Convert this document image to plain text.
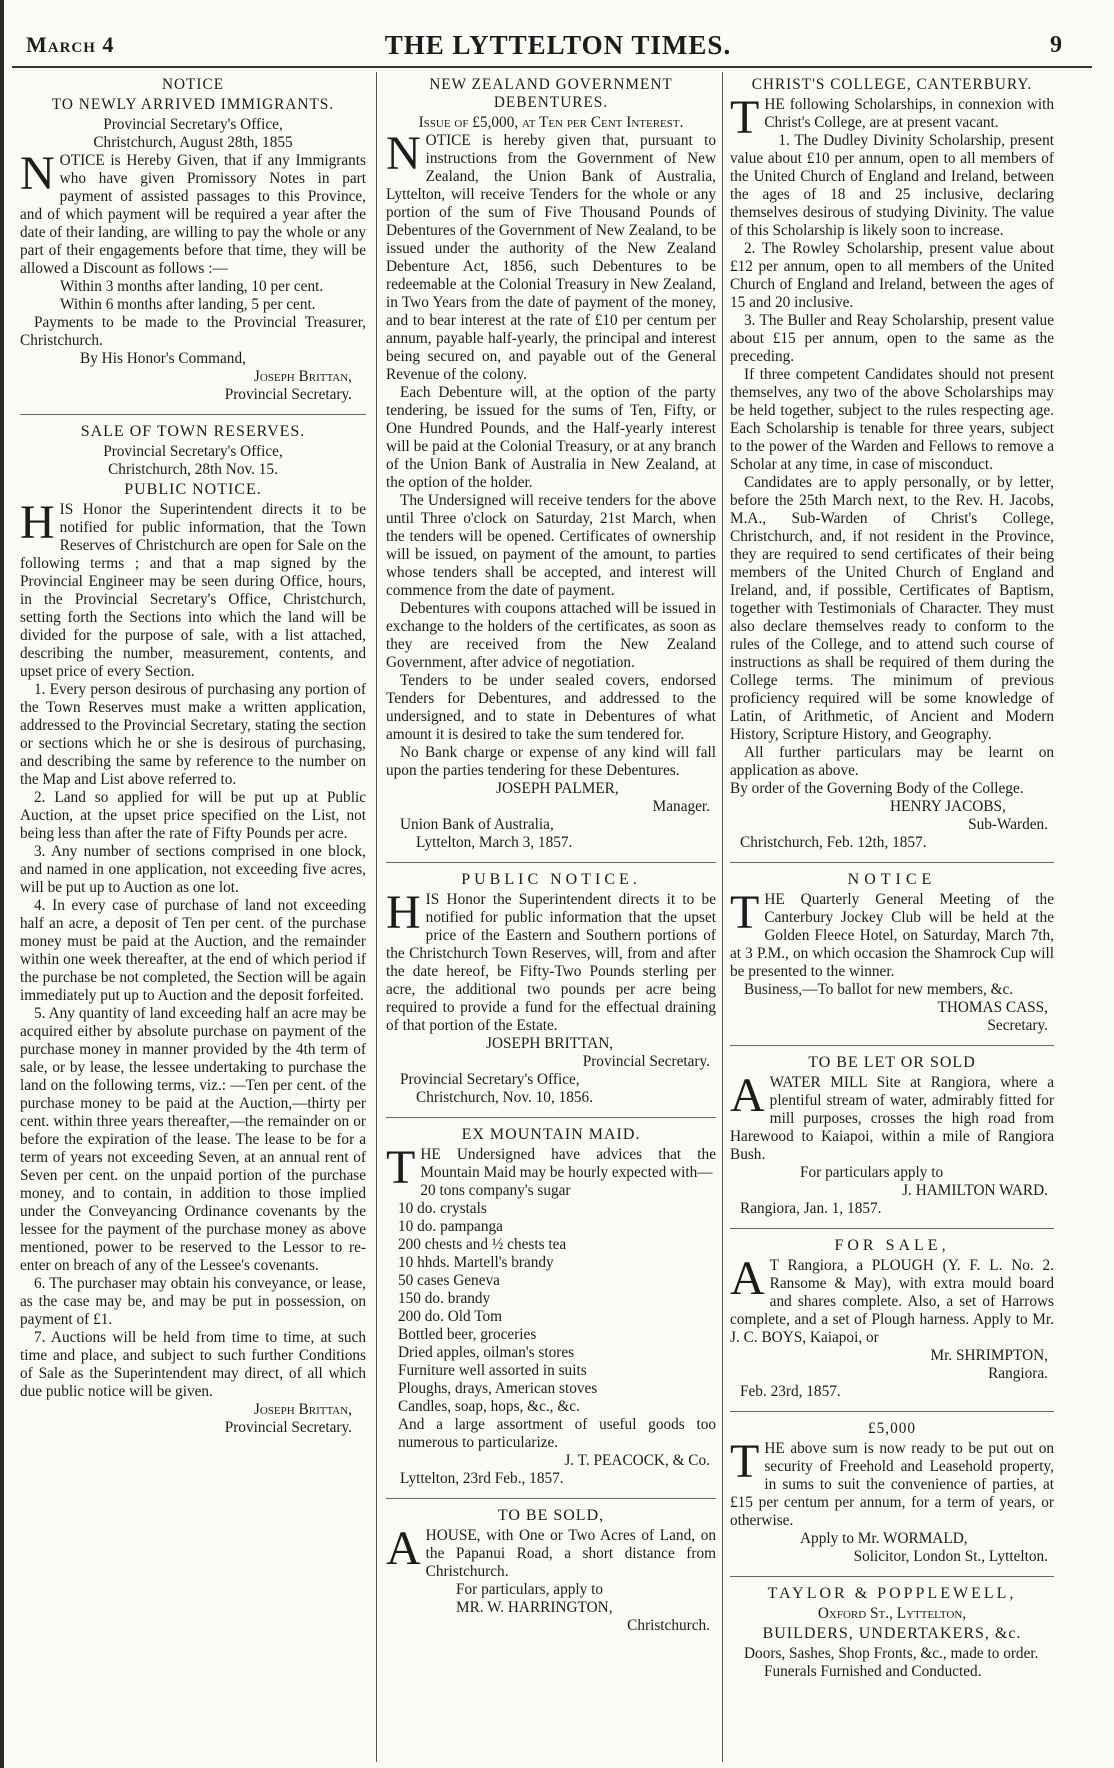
March 4	THE LYTTELTON TIMES.	9
NOTICE
TO NEWLY ARRIVED IMMIGRANTS.
Provincial Secretary's Office,
Christchurch, August 28th, 1855

NOTICE is Hereby Given, that if any Immigrants who have given Promissory Notes in part payment of assisted passages to this Province, and of which payment will be required a year after the date of their landing, are willing to pay the whole or any part of their engagements before that time, they will be allowed a Discount as follows :—

Within 3 months after landing, 10 per cent.
Within 6 months after landing, 5 per cent.

Payments to be made to the Provincial Treasurer, Christchurch.

By His Honor's Command,
Joseph Brittan,
Provincial Secretary.
SALE OF TOWN RESERVES.
Provincial Secretary's Office,
Christchurch, 28th Nov. 15.
PUBLIC NOTICE.

HIS Honor the Superintendent directs it to be notified for public information, that the Town Reserves of Christchurch are open for Sale on the following terms ; and that a map signed by the Provincial Engineer may be seen during Office, hours, in the Provincial Secretary's Office, Christchurch, setting forth the Sections into which the land will be divided for the purpose of sale, with a list attached, describing the number, measurement, contents, and upset price of every Section.

1. Every person desirous of purchasing any portion of the Town Reserves must make a written application, addressed to the Provincial Secretary, stating the section or sections which he or she is desirous of purchasing, and describing the same by reference to the number on the Map and List above referred to.

2. Land so applied for will be put up at Public Auction, at the upset price specified on the List, not being less than after the rate of Fifty Pounds per acre.

3. Any number of sections comprised in one block, and named in one application, not exceeding five acres, will be put up to Auction as one lot.

4. In every case of purchase of land not exceeding half an acre, a deposit of Ten per cent. of the purchase money must be paid at the Auction, and the remainder within one week thereafter, at the end of which period if the purchase be not completed, the Section will be again immediately put up to Auction and the deposit forfeited.

5. Any quantity of land exceeding half an acre may be acquired either by absolute purchase on payment of the purchase money in manner provided by the 4th term of sale, or by lease, the lessee undertaking to purchase the land on the following terms, viz.: —Ten per cent. of the purchase money to be paid at the Auction,—thirty per cent. within three years thereafter,—the remainder on or before the expiration of the lease. The lease to be for a term of years not exceeding Seven, at an annual rent of Seven per cent. on the unpaid portion of the purchase money, and to contain, in addition to those implied under the Conveyancing Ordinance covenants by the lessee for the payment of the purchase money as above mentioned, power to be reserved to the Lessor to re-enter on breach of any of the Lessee's covenants.

6. The purchaser may obtain his conveyance, or lease, as the case may be, and may be put in possession, on payment of £1.

7. Auctions will be held from time to time, at such time and place, and subject to such further Conditions of Sale as the Superintendent may direct, of all which due public notice will be given.

Joseph Brittan,
Provincial Secretary.
NEW ZEALAND GOVERNMENT DEBENTURES.
Issue of £5,000, at Ten per Cent Interest.

NOTICE is hereby given that, pursuant to instructions from the Government of New Zealand, the Union Bank of Australia, Lyttelton, will receive Tenders for the whole or any portion of the sum of Five Thousand Pounds of Debentures of the Government of New Zealand, to be issued under the authority of the New Zealand Debenture Act, 1856, such Debentures to be redeemable at the Colonial Treasury in New Zealand, in Two Years from the date of payment of the money, and to bear interest at the rate of £10 per centum per annum, payable half-yearly, the principal and interest being secured on, and payable out of the General Revenue of the colony.

Each Debenture will, at the option of the party tendering, be issued for the sums of Ten, Fifty, or One Hundred Pounds, and the Half-yearly interest will be paid at the Colonial Treasury, or at any branch of the Union Bank of Australia in New Zealand, at the option of the holder.

The Undersigned will receive tenders for the above until Three o'clock on Saturday, 21st March, when the tenders will be opened. Certificates of ownership will be issued, on payment of the amount, to parties whose tenders shall be accepted, and interest will commence from the date of payment.

Debentures with coupons attached will be issued in exchange to the holders of the certificates, as soon as they are received from the New Zealand Government, after advice of negotiation.

Tenders to be under sealed covers, endorsed Tenders for Debentures, and addressed to the undersigned, and to state in Debentures of what amount it is desired to take the sum tendered for.

No Bank charge or expense of any kind will fall upon the parties tendering for these Debentures.

JOSEPH PALMER,
Manager.
Union Bank of Australia,
Lyttelton, March 3, 1857.
PUBLIC NOTICE.

HIS Honor the Superintendent directs it to be notified for public information that the upset price of the Eastern and Southern portions of the Christchurch Town Reserves, will, from and after the date hereof, be Fifty-Two Pounds sterling per acre, the additional two pounds per acre being required to provide a fund for the effectual draining of that portion of the Estate.

JOSEPH BRITTAN,
Provincial Secretary.
Provincial Secretary's Office,
Christchurch, Nov. 10, 1856.
EX MOUNTAIN MAID.

THE Undersigned have advices that the Mountain Maid may be hourly expected with—

20 tons company's sugar
10 do. crystals
10 do. pampanga
200 chests and ½ chests tea
10 hhds. Martell's brandy
50 cases Geneva
150 do. brandy
200 do. Old Tom
Bottled beer, groceries
Dried apples, oilman's stores
Furniture well assorted in suits
Ploughs, drays, American stoves
Candles, soap, hops, &c., &c.

And a large assortment of useful goods too numerous to particularize.

J. T. PEACOCK, & Co.
Lyttelton, 23rd Feb., 1857.
TO BE SOLD,

AHOUSE, with One or Two Acres of Land, on the Papanui Road, a short distance from Christchurch.

For particulars, apply to
MR. W. HARRINGTON,
Christchurch.
CHRIST'S COLLEGE, CANTERBURY.

THE following Scholarships, in connexion with Christ's College, are at present vacant.

1. The Dudley Divinity Scholarship, present value about £10 per annum, open to all members of the United Church of England and Ireland, between the ages of 18 and 25 inclusive, declaring themselves desirous of studying Divinity. The value of this Scholarship is likely soon to increase.

2. The Rowley Scholarship, present value about £12 per annum, open to all members of the United Church of England and Ireland, between the ages of 15 and 20 inclusive.

3. The Buller and Reay Scholarship, present value about £15 per annum, open to the same as the preceding.

If three competent Candidates should not present themselves, any two of the above Scholarships may be held together, subject to the rules respecting age. Each Scholarship is tenable for three years, subject to the power of the Warden and Fellows to remove a Scholar at any time, in case of misconduct.

Candidates are to apply personally, or by letter, before the 25th March next, to the Rev. H. Jacobs, M.A., Sub-Warden of Christ's College, Christchurch, and, if not resident in the Province, they are required to send certificates of their being members of the United Church of England and Ireland, and, if possible, Certificates of Baptism, together with Testimonials of Character. They must also declare themselves ready to conform to the rules of the College, and to attend such course of instructions as shall be required of them during the College terms. The minimum of previous proficiency required will be some knowledge of Latin, of Arithmetic, of Ancient and Modern History, Scripture History, and Geography.

All further particulars may be learnt on application as above.

By order of the Governing Body of the College.
HENRY JACOBS,
Sub-Warden.
Christchurch, Feb. 12th, 1857.
NOTICE

THE Quarterly General Meeting of the Canterbury Jockey Club will be held at the Golden Fleece Hotel, on Saturday, March 7th, at 3 P.M., on which occasion the Shamrock Cup will be presented to the winner.

Business,—To ballot for new members, &c.

THOMAS CASS,
Secretary.
TO BE LET OR SOLD

AWATER MILL Site at Rangiora, where a plentiful stream of water, admirably fitted for mill purposes, crosses the high road from Harewood to Kaiapoi, within a mile of Rangiora Bush.

For particulars apply to
J. HAMILTON WARD.
Rangiora, Jan. 1, 1857.
FOR SALE,

A T Rangiora, a PLOUGH (Y. F. L. No. 2. Ransome & May), with extra mould board and shares complete. Also, a set of Harrows complete, and a set of Plough harness. Apply to Mr. J. C. BOYS, Kaiapoi, or

Mr. SHRIMPTON,
Rangiora.
Feb. 23rd, 1857.
£5,000

THE above sum is now ready to be put out on security of Freehold and Leasehold property, in sums to suit the convenience of parties, at £15 per centum per annum, for a term of years, or otherwise.

Apply to Mr. WORMALD,
Solicitor, London St., Lyttelton.
TAYLOR & POPPLEWELL,
Oxford St., Lyttelton,
BUILDERS, UNDERTAKERS, &c.

Doors, Sashes, Shop Fronts, &c., made to order.

Funerals Furnished and Conducted.
